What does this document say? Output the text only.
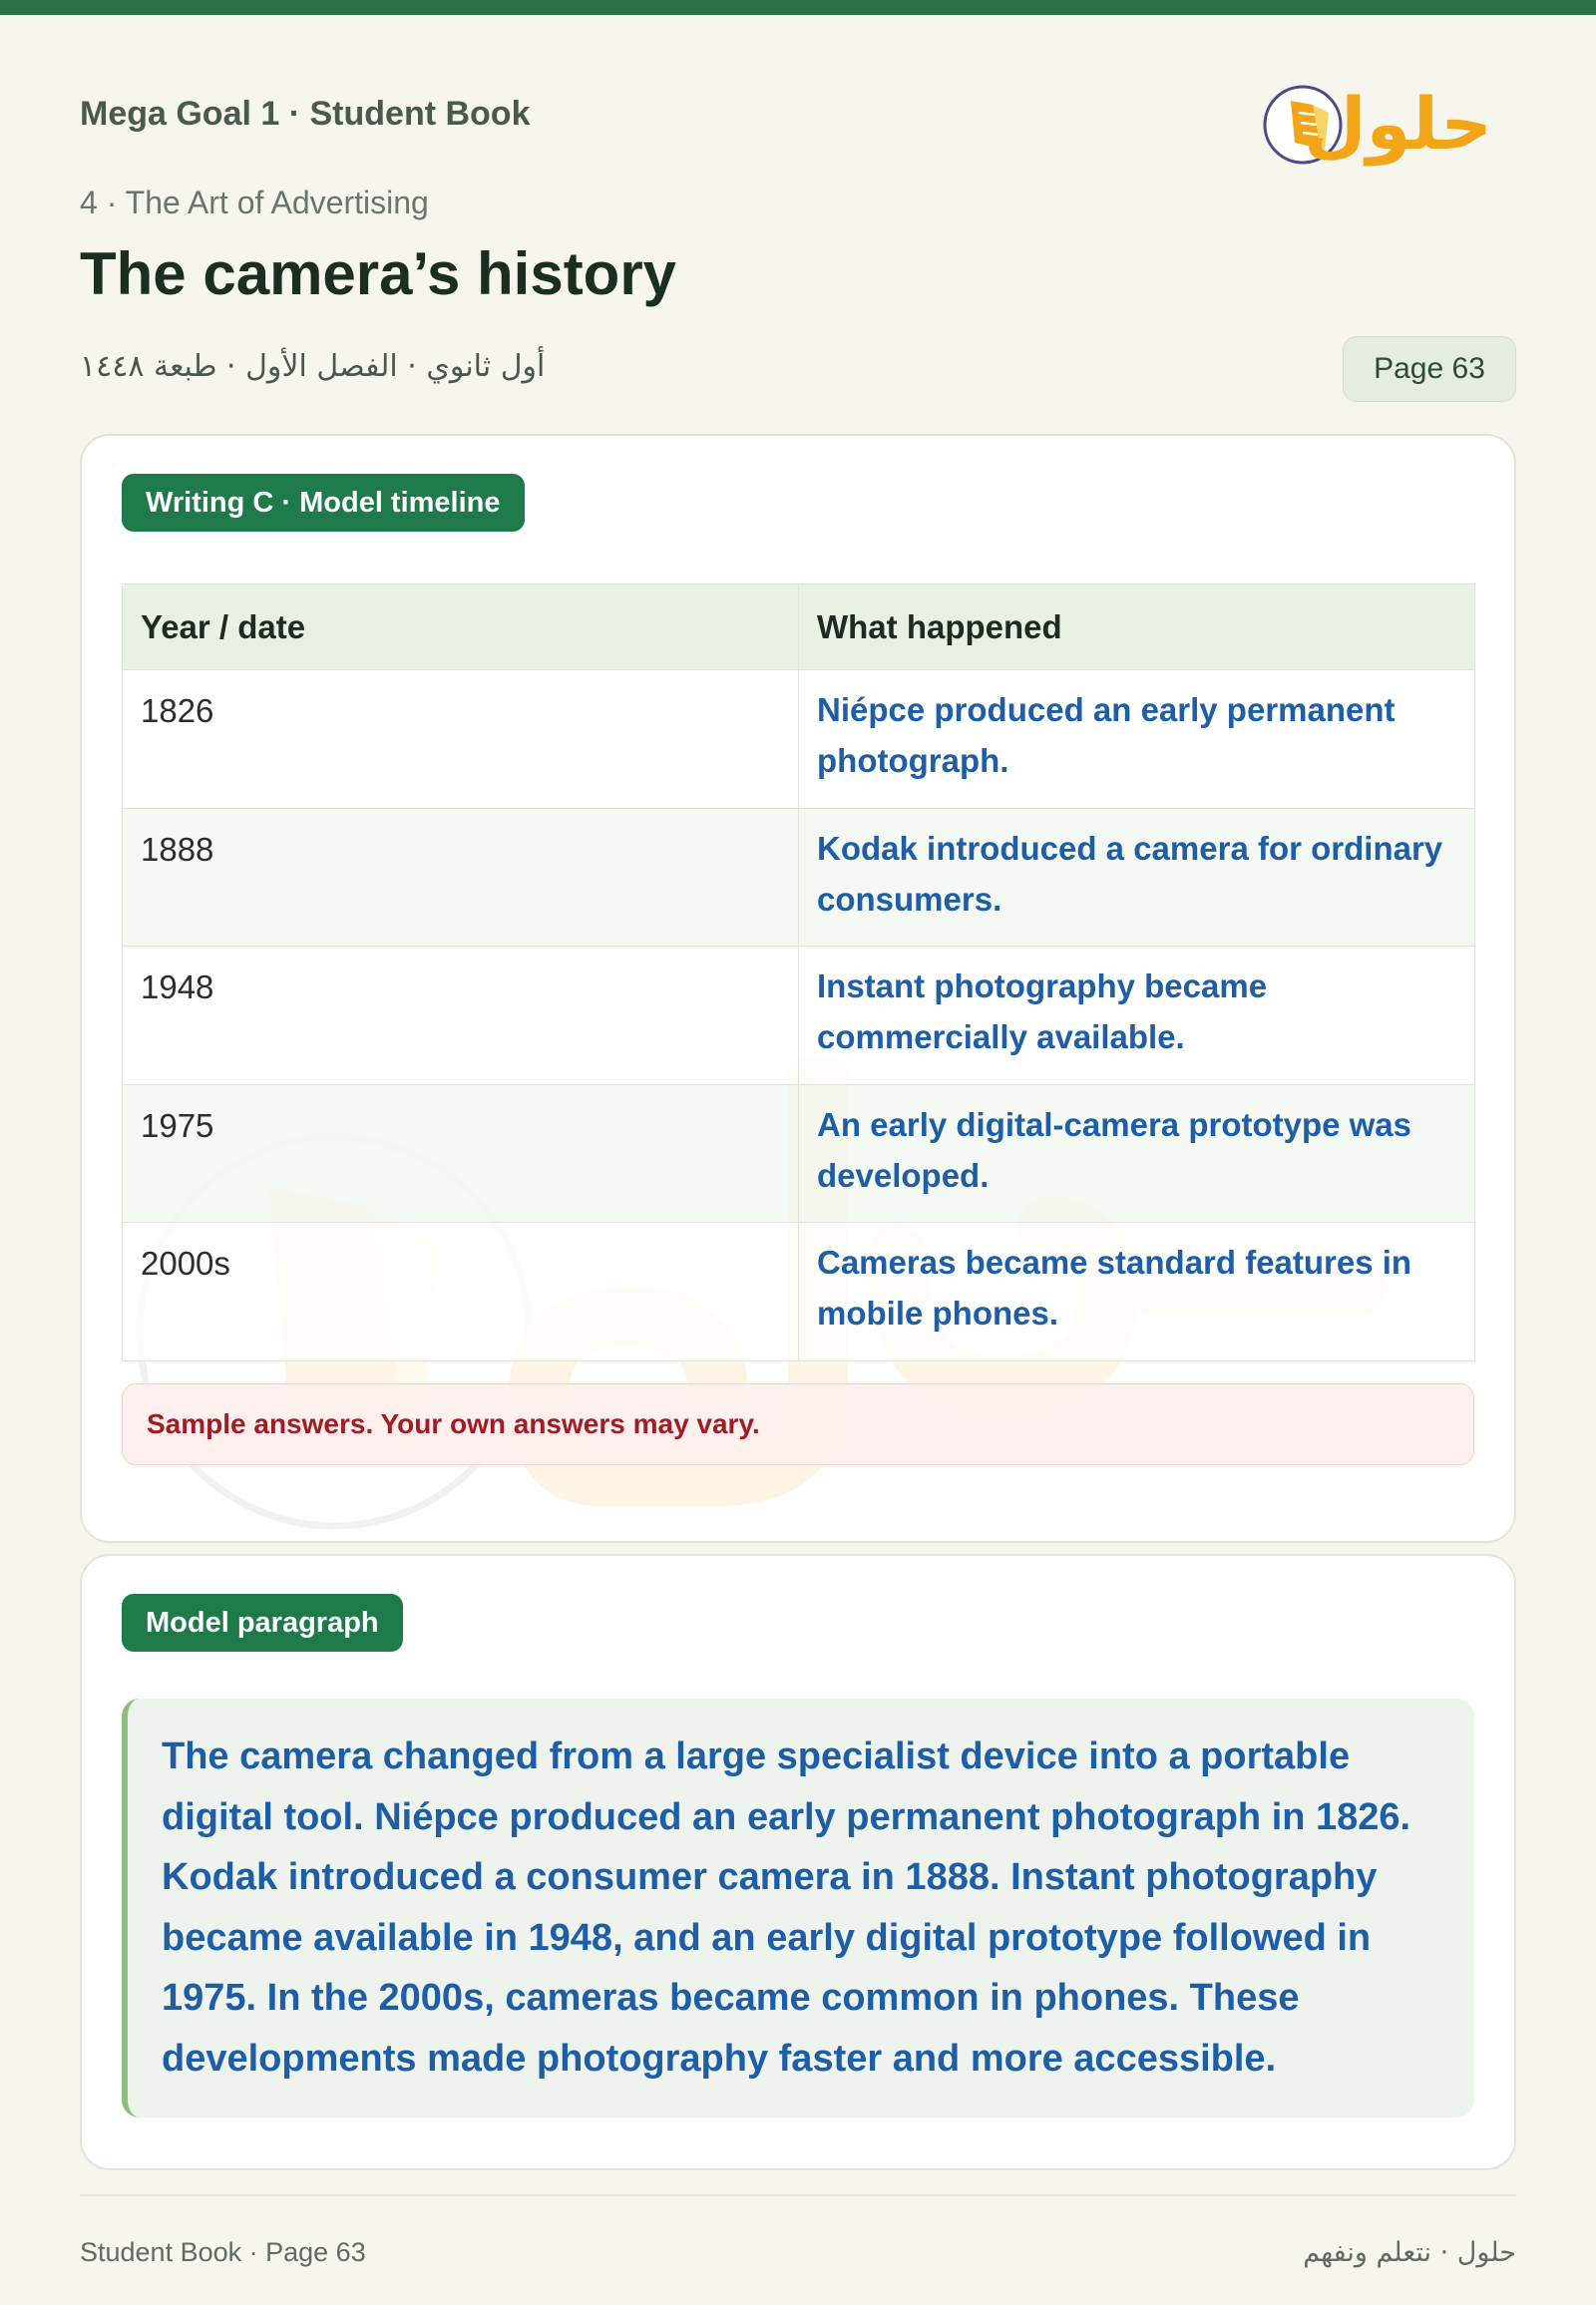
Mega Goal 1 · Student Book	حلول
4 · The Art of Advertising
The camera’s history
أول ثانوي · الفصل الأول · طبعة ١٤٤٨	Page 63
Writing C · Model timeline
Year / date	What happened
1826	Niépce produced an early permanent photograph.
1888	Kodak introduced a camera for ordinary consumers.
1948	Instant photography became commercially available.
1975	An early digital-camera prototype was developed.
2000s	Cameras became standard features in mobile phones.
Sample answers. Your own answers may vary.
Model paragraph
The camera changed from a large specialist device into a portable digital tool. Niépce produced an early permanent photograph in 1826. Kodak introduced a consumer camera in 1888. Instant photography became available in 1948, and an early digital prototype followed in 1975. In the 2000s, cameras became common in phones. These developments made photography faster and more accessible.
Student Book · Page 63	حلول · نتعلم ونفهم
